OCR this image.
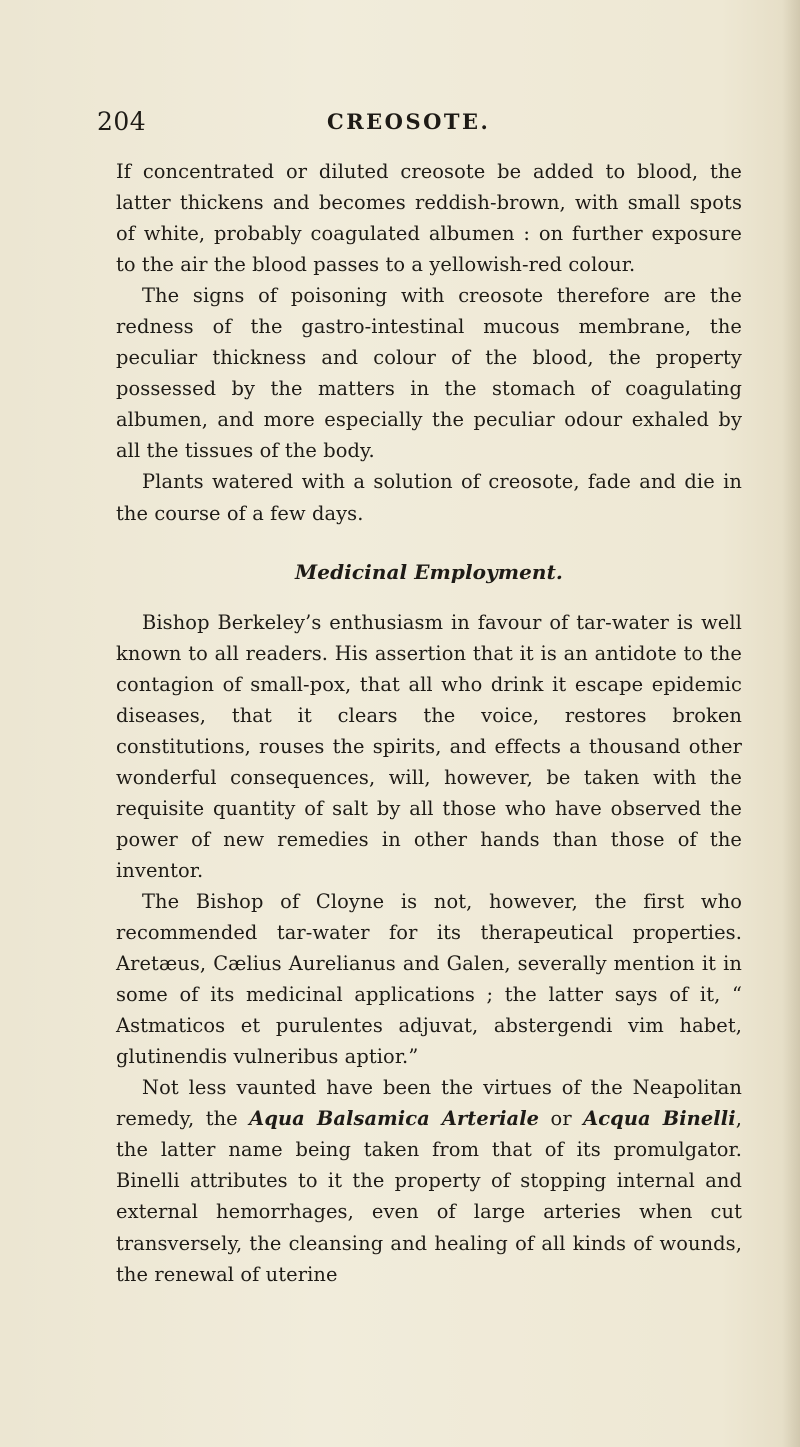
204	CREOSOTE.

If concentrated or diluted creosote be added to blood, the latter thickens and becomes reddish-brown, with small spots of white, probably coagulated albumen : on further exposure to the air the blood passes to a yellowish-red colour.

The signs of poisoning with creosote therefore are the redness of the gastro-intestinal mucous membrane, the peculiar thickness and colour of the blood, the property possessed by the matters in the stomach of coagulating albumen, and more especially the peculiar odour exhaled by all the tissues of the body.

Plants watered with a solution of creosote, fade and die in the course of a few days.

Medicinal Employment.

Bishop Berkeley’s enthusiasm in favour of tar-water is well known to all readers. His assertion that it is an antidote to the contagion of small-pox, that all who drink it escape epidemic diseases, that it clears the voice, restores broken constitutions, rouses the spirits, and effects a thousand other wonderful consequences, will, however, be taken with the requisite quantity of salt by all those who have observed the power of new remedies in other hands than those of the inventor.

The Bishop of Cloyne is not, however, the first who recommended tar-water for its therapeutical properties. Aretæus, Cælius Aurelianus and Galen, severally mention it in some of its medicinal applications ; the latter says of it, “ Astmaticos et purulentes adjuvat, abstergendi vim habet, glutinendis vulneribus aptior.”

Not less vaunted have been the virtues of the Neapolitan remedy, the Aqua Balsamica Arteriale or Acqua Binelli, the latter name being taken from that of its promulgator. Binelli attributes to it the property of stopping internal and external hemorrhages, even of large arteries when cut transversely, the cleansing and healing of all kinds of wounds, the renewal of uterine
